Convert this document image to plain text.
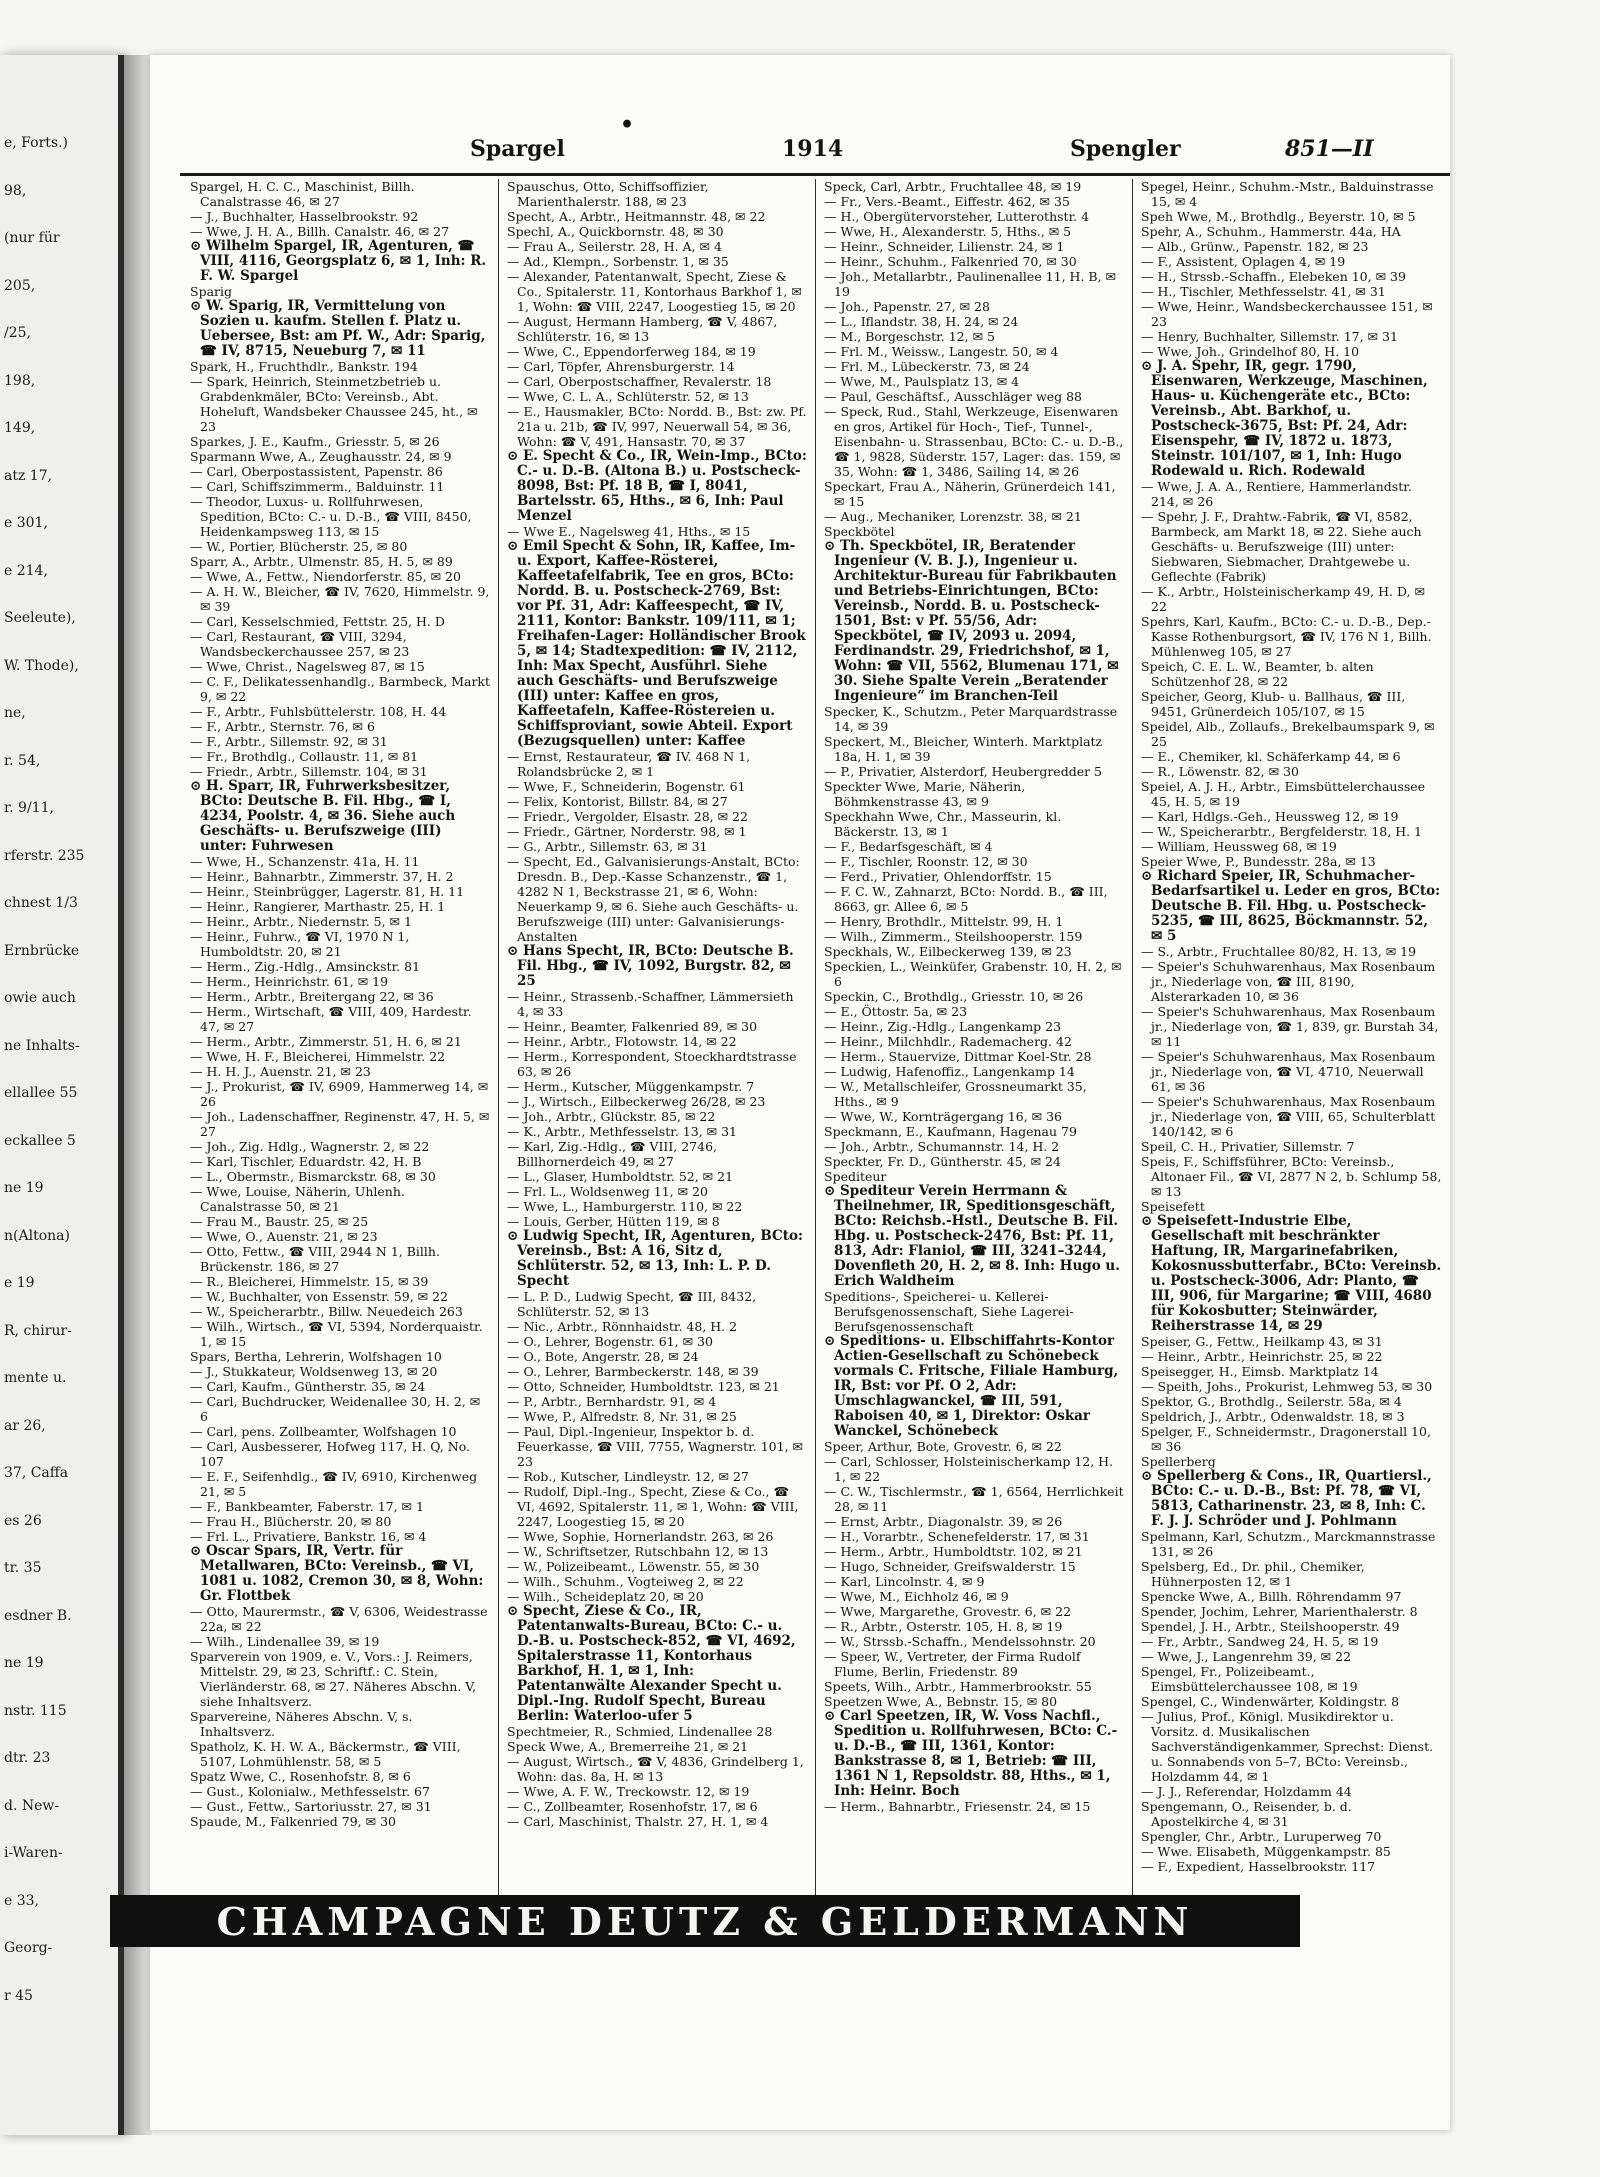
e, Forts.)
98,
(nur für
205,
/25,
198,
149,
atz 17,
e 301,
e 214,
Seeleute),
W. Thode),
ne,
r. 54,
r. 9/11,
rferstr. 235
chnest 1/3
Ernbrücke
owie auch
ne Inhalts-
ellallee 55
eckallee 5
ne 19
n(Altona)
e 19
R, chirur-
mente u.
ar 26,
37, Caffa
es 26
tr. 35
esdner B.
ne 19
nstr. 115
dtr. 23
d. New-
i-Waren-
e 33,
Georg-
r 45
Spargel	1914	Spengler	851—II
•

Spargel, H. C. C., Maschinist, Billh. Canalstrasse 46, ✉ 27

— J., Buchhalter, Hasselbrookstr. 92

— Wwe, J. H. A., Billh. Canalstr. 46, ✉ 27

⊙ Wilhelm Spargel, IR, Agenturen, ☎ VIII, 4116, Georgsplatz 6, ✉ 1, Inh: R. F. W. Spargel

Sparig

⊙ W. Sparig, IR, Vermittelung von Sozien u. kaufm. Stellen f. Platz u. Uebersee, Bst: am Pf. W., Adr: Sparig, ☎ IV, 8715, Neueburg 7, ✉ 11

Spark, H., Fruchthdlr., Bankstr. 194

— Spark, Heinrich, Steinmetzbetrieb u. Grabdenkmäler, BCto: Vereinsb., Abt. Hoheluft, Wandsbeker Chaussee 245, ht., ✉ 23

Sparkes, J. E., Kaufm., Griesstr. 5, ✉ 26

Sparmann Wwe, A., Zeughausstr. 24, ✉ 9

— Carl, Oberpostassistent, Papenstr. 86

— Carl, Schiffszimmerm., Balduinstr. 11

— Theodor, Luxus- u. Rollfuhrwesen, Spedition, BCto: C.- u. D.-B., ☎ VIII, 8450, Heidenkampsweg 113, ✉ 15

— W., Portier, Blücherstr. 25, ✉ 80

Sparr, A., Arbtr., Ulmenstr. 85, H. 5, ✉ 89

— Wwe, A., Fettw., Niendorferstr. 85, ✉ 20

— A. H. W., Bleicher, ☎ IV, 7620, Himmelstr. 9, ✉ 39

— Carl, Kesselschmied, Fettstr. 25, H. D

— Carl, Restaurant, ☎ VIII, 3294, Wandsbeckerchaussee 257, ✉ 23

— Wwe, Christ., Nagelsweg 87, ✉ 15

— C. F., Delikatessenhandlg., Barmbeck, Markt 9, ✉ 22

— F., Arbtr., Fuhlsbüttelerstr. 108, H. 44

— F., Arbtr., Sternstr. 76, ✉ 6

— F., Arbtr., Sillemstr. 92, ✉ 31

— Fr., Brothdlg., Collaustr. 11, ✉ 81

— Friedr., Arbtr., Sillemstr. 104, ✉ 31

⊙ H. Sparr, IR, Fuhrwerksbesitzer, BCto: Deutsche B. Fil. Hbg., ☎ I, 4234, Poolstr. 4, ✉ 36. Siehe auch Geschäfts- u. Berufszweige (III) unter: Fuhrwesen

— Wwe, H., Schanzenstr. 41a, H. 11

— Heinr., Bahnarbtr., Zimmerstr. 37, H. 2

— Heinr., Steinbrügger, Lagerstr. 81, H. 11

— Heinr., Rangierer, Marthastr. 25, H. 1

— Heinr., Arbtr., Niedernstr. 5, ✉ 1

— Heinr., Fuhrw., ☎ VI, 1970 N 1, Humboldtstr. 20, ✉ 21

— Herm., Zig.-Hdlg., Amsinckstr. 81

— Herm., Heinrichstr. 61, ✉ 19

— Herm., Arbtr., Breitergang 22, ✉ 36

— Herm., Wirtschaft, ☎ VIII, 409, Hardestr. 47, ✉ 27

— Herm., Arbtr., Zimmerstr. 51, H. 6, ✉ 21

— Wwe, H. F., Bleicherei, Himmelstr. 22

— H. H. J., Auenstr. 21, ✉ 23

— J., Prokurist, ☎ IV, 6909, Hammerweg 14, ✉ 26

— Joh., Ladenschaffner, Reginenstr. 47, H. 5, ✉ 27

— Joh., Zig. Hdlg., Wagnerstr. 2, ✉ 22

— Karl, Tischler, Eduardstr. 42, H. B

— L., Obermstr., Bismarckstr. 68, ✉ 30

— Wwe, Louise, Näherin, Uhlenh. Canalstrasse 50, ✉ 21

— Frau M., Baustr. 25, ✉ 25

— Wwe, O., Auenstr. 21, ✉ 23

— Otto, Fettw., ☎ VIII, 2944 N 1, Billh. Brückenstr. 186, ✉ 27

— R., Bleicherei, Himmelstr. 15, ✉ 39

— W., Buchhalter, von Essenstr. 59, ✉ 22

— W., Speicherarbtr., Billw. Neuedeich 263

— Wilh., Wirtsch., ☎ VI, 5394, Norderquaistr. 1, ✉ 15

Spars, Bertha, Lehrerin, Wolfshagen 10

— J., Stukkateur, Woldsenweg 13, ✉ 20

— Carl, Kaufm., Güntherstr. 35, ✉ 24

— Carl, Buchdrucker, Weidenallee 30, H. 2, ✉ 6

— Carl, pens. Zollbeamter, Wolfshagen 10

— Carl, Ausbesserer, Hofweg 117, H. Q, No. 107

— E. F., Seifenhdlg., ☎ IV, 6910, Kirchenweg 21, ✉ 5

— F., Bankbeamter, Faberstr. 17, ✉ 1

— Frau H., Blücherstr. 20, ✉ 80

— Frl. L., Privatiere, Bankstr. 16, ✉ 4

⊙ Oscar Spars, IR, Vertr. für Metallwaren, BCto: Vereinsb., ☎ VI, 1081 u. 1082, Cremon 30, ✉ 8, Wohn: Gr. Flottbek

— Otto, Maurermstr., ☎ V, 6306, Weidestrasse 22a, ✉ 22

— Wilh., Lindenallee 39, ✉ 19

Sparverein von 1909, e. V., Vors.: J. Reimers, Mittelstr. 29, ✉ 23, Schriftf.: C. Stein, Vierländerstr. 68, ✉ 27. Näheres Abschn. V, siehe Inhaltsverz.

Sparvereine, Näheres Abschn. V, s. Inhaltsverz.

Spatholz, K. H. W. A., Bäckermstr., ☎ VIII, 5107, Lohmühlenstr. 58, ✉ 5

Spatz Wwe, C., Rosenhofstr. 8, ✉ 6

— Gust., Kolonialw., Methfesselstr. 67

— Gust., Fettw., Sartoriusstr. 27, ✉ 31

Spaude, M., Falkenried 79, ✉ 30

Spauschus, Otto, Schiffsoffizier, Marienthalerstr. 188, ✉ 23

Specht, A., Arbtr., Heitmannstr. 48, ✉ 22

Spechl, A., Quickbornstr. 48, ✉ 30

— Frau A., Seilerstr. 28, H. A, ✉ 4

— Ad., Klempn., Sorbenstr. 1, ✉ 35

— Alexander, Patentanwalt, Specht, Ziese & Co., Spitalerstr. 11, Kontorhaus Barkhof 1, ✉ 1, Wohn: ☎ VIII, 2247, Loogestieg 15, ✉ 20

— August, Hermann Hamberg, ☎ V, 4867, Schlüterstr. 16, ✉ 13

— Wwe, C., Eppendorferweg 184, ✉ 19

— Carl, Töpfer, Ahrensburgerstr. 14

— Carl, Oberpostschaffner, Revalerstr. 18

— Wwe, C. L. A., Schlüterstr. 52, ✉ 13

— E., Hausmakler, BCto: Nordd. B., Bst: zw. Pf. 21a u. 21b, ☎ IV, 997, Neuerwall 54, ✉ 36, Wohn: ☎ V, 491, Hansastr. 70, ✉ 37

⊙ E. Specht & Co., IR, Wein-Imp., BCto: C.- u. D.-B. (Altona B.) u. Postscheck-8098, Bst: Pf. 18 B, ☎ I, 8041, Bartelsstr. 65, Hths., ✉ 6, Inh: Paul Menzel

— Wwe E., Nagelsweg 41, Hths., ✉ 15

⊙ Emil Specht & Sohn, IR, Kaffee, Im- u. Export, Kaffee-Rösterei, Kaffeetafelfabrik, Tee en gros, BCto: Nordd. B. u. Postscheck-2769, Bst: vor Pf. 31, Adr: Kaffeespecht, ☎ IV, 2111, Kontor: Bankstr. 109/111, ✉ 1; Freihafen-Lager: Holländischer Brook 5, ✉ 14; Stadtexpedition: ☎ IV, 2112, Inh: Max Specht, Ausführl. Siehe auch Geschäfts- und Berufszweige (III) unter: Kaffee en gros, Kaffeetafeln, Kaffee-Röstereien u. Schiffsproviant, sowie Abteil. Export (Bezugsquellen) unter: Kaffee

— Ernst, Restaurateur, ☎ IV. 468 N 1, Rolandsbrücke 2, ✉ 1

— Wwe, F., Schneiderin, Bogenstr. 61

— Felix, Kontorist, Billstr. 84, ✉ 27

— Friedr., Vergolder, Elsastr. 28, ✉ 22

— Friedr., Gärtner, Norderstr. 98, ✉ 1

— G., Arbtr., Sillemstr. 63, ✉ 31

— Specht, Ed., Galvanisierungs-Anstalt, BCto: Dresdn. B., Dep.-Kasse Schanzenstr., ☎ 1, 4282 N 1, Beckstrasse 21, ✉ 6, Wohn: Neuerkamp 9, ✉ 6. Siehe auch Geschäfts- u. Berufszweige (III) unter: Galvanisierungs-Anstalten

⊙ Hans Specht, IR, BCto: Deutsche B. Fil. Hbg., ☎ IV, 1092, Burgstr. 82, ✉ 25

— Heinr., Strassenb.-Schaffner, Lämmersieth 4, ✉ 33

— Heinr., Beamter, Falkenried 89, ✉ 30

— Heinr., Arbtr., Flotowstr. 14, ✉ 22

— Herm., Korrespondent, Stoeckhardtstrasse 63, ✉ 26

— Herm., Kutscher, Müggenkampstr. 7

— J., Wirtsch., Eilbeckerweg 26/28, ✉ 23

— Joh., Arbtr., Glückstr. 85, ✉ 22

— K., Arbtr., Methfesselstr. 13, ✉ 31

— Karl, Zig.-Hdlg., ☎ VIII, 2746, Billhornerdeich 49, ✉ 27

— L., Glaser, Humboldtstr. 52, ✉ 21

— Frl. L., Woldsenweg 11, ✉ 20

— Wwe, L., Hamburgerstr. 110, ✉ 22

— Louis, Gerber, Hütten 119, ✉ 8

⊙ Ludwig Specht, IR, Agenturen, BCto: Vereinsb., Bst: A 16, Sitz d, Schlüterstr. 52, ✉ 13, Inh: L. P. D. Specht

— L. P. D., Ludwig Specht, ☎ III, 8432, Schlüterstr. 52, ✉ 13

— Nic., Arbtr., Rönnhaidstr. 48, H. 2

— O., Lehrer, Bogenstr. 61, ✉ 30

— O., Bote, Angerstr. 28, ✉ 24

— O., Lehrer, Barmbeckerstr. 148, ✉ 39

— Otto, Schneider, Humboldtstr. 123, ✉ 21

— P., Arbtr., Bernhardstr. 91, ✉ 4

— Wwe, P., Alfredstr. 8, Nr. 31, ✉ 25

— Paul, Dipl.-Ingenieur, Inspektor b. d. Feuerkasse, ☎ VIII, 7755, Wagnerstr. 101, ✉ 23

— Rob., Kutscher, Lindleystr. 12, ✉ 27

— Rudolf, Dipl.-Ing., Specht, Ziese & Co., ☎ VI, 4692, Spitalerstr. 11, ✉ 1, Wohn: ☎ VIII, 2247, Loogestieg 15, ✉ 20

— Wwe, Sophie, Hornerlandstr. 263, ✉ 26

— W., Schriftsetzer, Rutschbahn 12, ✉ 13

— W., Polizeibeamt., Löwenstr. 55, ✉ 30

— Wilh., Schuhm., Vogteiweg 2, ✉ 22

— Wilh., Scheideplatz 20, ✉ 20

⊙ Specht, Ziese & Co., IR, Patentanwalts-Bureau, BCto: C.- u. D.-B. u. Postscheck-852, ☎ VI, 4692, Spitalerstrasse 11, Kontorhaus Barkhof, H. 1, ✉ 1, Inh: Patentanwälte Alexander Specht u. Dipl.-Ing. Rudolf Specht, Bureau Berlin: Waterloo-ufer 5

Spechtmeier, R., Schmied, Lindenallee 28

Speck Wwe, A., Bremerreihe 21, ✉ 21

— August, Wirtsch., ☎ V, 4836, Grindelberg 1, Wohn: das. 8a, H. ✉ 13

— Wwe, A. F. W., Treckowstr. 12, ✉ 19

— C., Zollbeamter, Rosenhofstr. 17, ✉ 6

— Carl, Maschinist, Thalstr. 27, H. 1, ✉ 4

Speck, Carl, Arbtr., Fruchtallee 48, ✉ 19

— Fr., Vers.-Beamt., Eiffestr. 462, ✉ 35

— H., Obergütervorsteher, Lutterothstr. 4

— Wwe, H., Alexanderstr. 5, Hths., ✉ 5

— Heinr., Schneider, Lilienstr. 24, ✉ 1

— Heinr., Schuhm., Falkenried 70, ✉ 30

— Joh., Metallarbtr., Paulinenallee 11, H. B, ✉ 19

— Joh., Papenstr. 27, ✉ 28

— L., Iflandstr. 38, H. 24, ✉ 24

— M., Borgeschstr. 12, ✉ 5

— Frl. M., Weissw., Langestr. 50, ✉ 4

— Frl. M., Lübeckerstr. 73, ✉ 24

— Wwe, M., Paulsplatz 13, ✉ 4

— Paul, Geschäftsf., Ausschläger weg 88

— Speck, Rud., Stahl, Werkzeuge, Eisenwaren en gros, Artikel für Hoch-, Tief-, Tunnel-, Eisenbahn- u. Strassenbau, BCto: C.- u. D.-B., ☎ 1, 9828, Süderstr. 157, Lager: das. 159, ✉ 35, Wohn: ☎ 1, 3486, Sailing 14, ✉ 26

Speckart, Frau A., Näherin, Grünerdeich 141, ✉ 15

— Aug., Mechaniker, Lorenzstr. 38, ✉ 21

Speckbötel

⊙ Th. Speckbötel, IR, Beratender Ingenieur (V. B. J.), Ingenieur u. Architektur-Bureau für Fabrikbauten und Betriebs-Einrichtungen, BCto: Vereinsb., Nordd. B. u. Postscheck-1501, Bst: v Pf. 55/56, Adr: Speckbötel, ☎ IV, 2093 u. 2094, Ferdinandstr. 29, Friedrichshof, ✉ 1, Wohn: ☎ VII, 5562, Blumenau 171, ✉ 30. Siehe Spalte Verein „Beratender Ingenieure“ im Branchen-Teil

Specker, K., Schutzm., Peter Marquardstrasse 14, ✉ 39

Speckert, M., Bleicher, Winterh. Marktplatz 18a, H. 1, ✉ 39

— P., Privatier, Alsterdorf, Heubergredder 5

Speckter Wwe, Marie, Näherin, Böhmkenstrasse 43, ✉ 9

Speckhahn Wwe, Chr., Masseurin, kl. Bäckerstr. 13, ✉ 1

— F., Bedarfsgeschäft, ✉ 4

— F., Tischler, Roonstr. 12, ✉ 30

— Ferd., Privatier, Ohlendorffstr. 15

— F. C. W., Zahnarzt, BCto: Nordd. B., ☎ III, 8663, gr. Allee 6, ✉ 5

— Henry, Brothdlr., Mittelstr. 99, H. 1

— Wilh., Zimmerm., Steilshooperstr. 159

Speckhals, W., Eilbeckerweg 139, ✉ 23

Speckien, L., Weinküfer, Grabenstr. 10, H. 2, ✉ 6

Speckin, C., Brothdlg., Griesstr. 10, ✉ 26

— E., Öttostr. 5a, ✉ 23

— Heinr., Zig.-Hdlg., Langenkamp 23

— Heinr., Milchhdlr., Rademacherg. 42

— Herm., Stauervize, Dittmar Koel-Str. 28

— Ludwig, Hafenoffiz., Langenkamp 14

— W., Metallschleifer, Grossneumarkt 35, Hths., ✉ 9

— Wwe, W., Kornträgergang 16, ✉ 36

Speckmann, E., Kaufmann, Hagenau 79

— Joh., Arbtr., Schumannstr. 14, H. 2

Speckter, Fr. D., Güntherstr. 45, ✉ 24

Spediteur

⊙ Spediteur Verein Herrmann & Theilnehmer, IR, Speditionsgeschäft, BCto: Reichsb.-Hstl., Deutsche B. Fil. Hbg. u. Postscheck-2476, Bst: Pf. 11, 813, Adr: Flaniol, ☎ III, 3241–3244, Dovenfleth 20, H. 2, ✉ 8. Inh: Hugo u. Erich Waldheim

Speditions-, Speicherei- u. Kellerei-Berufsgenossenschaft, Siehe Lagerei-Berufsgenossenschaft

⊙ Speditions- u. Elbschiffahrts-Kontor Actien-Gesellschaft zu Schönebeck vormals C. Fritsche, Filiale Hamburg, IR, Bst: vor Pf. O 2, Adr: Umschlagwanckel, ☎ III, 591, Raboisen 40, ✉ 1, Direktor: Oskar Wanckel, Schönebeck

Speer, Arthur, Bote, Grovestr. 6, ✉ 22

— Carl, Schlosser, Holsteinischerkamp 12, H. 1, ✉ 22

— C. W., Tischlermstr., ☎ 1, 6564, Herrlichkeit 28, ✉ 11

— Ernst, Arbtr., Diagonalstr. 39, ✉ 26

— H., Vorarbtr., Schenefelderstr. 17, ✉ 31

— Herm., Arbtr., Humboldtstr. 102, ✉ 21

— Hugo, Schneider, Greifswalderstr. 15

— Karl, Lincolnstr. 4, ✉ 9

— Wwe, M., Eichholz 46, ✉ 9

— Wwe, Margarethe, Grovestr. 6, ✉ 22

— R., Arbtr., Osterstr. 105, H. 8, ✉ 19

— W., Strssb.-Schaffn., Mendelssohnstr. 20

— Speer, W., Vertreter, der Firma Rudolf Flume, Berlin, Friedenstr. 89

Speets, Wilh., Arbtr., Hammerbrookstr. 55

Speetzen Wwe, A., Bebnstr. 15, ✉ 80

⊙ Carl Speetzen, IR, W. Voss Nachfl., Spedition u. Rollfuhrwesen, BCto: C.- u. D.-B., ☎ III, 1361, Kontor: Bankstrasse 8, ✉ 1, Betrieb: ☎ III, 1361 N 1, Repsoldstr. 88, Hths., ✉ 1, Inh: Heinr. Boch

— Herm., Bahnarbtr., Friesenstr. 24, ✉ 15

Spegel, Heinr., Schuhm.-Mstr., Balduinstrasse 15, ✉ 4

Speh Wwe, M., Brothdlg., Beyerstr. 10, ✉ 5

Spehr, A., Schuhm., Hammerstr. 44a, HA

— Alb., Grünw., Papenstr. 182, ✉ 23

— F., Assistent, Oplagen 4, ✉ 19

— H., Strssb.-Schaffn., Elebeken 10, ✉ 39

— H., Tischler, Methfesselstr. 41, ✉ 31

— Wwe, Heinr., Wandsbeckerchaussee 151, ✉ 23

— Henry, Buchhalter, Sillemstr. 17, ✉ 31

— Wwe, Joh., Grindelhof 80, H. 10

⊙ J. A. Spehr, IR, gegr. 1790, Eisenwaren, Werkzeuge, Maschinen, Haus- u. Küchengeräte etc., BCto: Vereinsb., Abt. Barkhof, u. Postscheck-3675, Bst: Pf. 24, Adr: Eisenspehr, ☎ IV, 1872 u. 1873, Steinstr. 101/107, ✉ 1, Inh: Hugo Rodewald u. Rich. Rodewald

— Wwe, J. A. A., Rentiere, Hammerlandstr. 214, ✉ 26

— Spehr, J. F., Drahtw.-Fabrik, ☎ VI, 8582, Barmbeck, am Markt 18, ✉ 22. Siehe auch Geschäfts- u. Berufszweige (III) unter: Siebwaren, Siebmacher, Drahtgewebe u. Geflechte (Fabrik)

— K., Arbtr., Holsteinischerkamp 49, H. D, ✉ 22

Spehrs, Karl, Kaufm., BCto: C.- u. D.-B., Dep.-Kasse Rothenburgsort, ☎ IV, 176 N 1, Billh. Mühlenweg 105, ✉ 27

Speich, C. E. L. W., Beamter, b. alten Schützenhof 28, ✉ 22

Speicher, Georg, Klub- u. Ballhaus, ☎ III, 9451, Grünerdeich 105/107, ✉ 15

Speidel, Alb., Zollaufs., Brekelbaumspark 9, ✉ 25

— E., Chemiker, kl. Schäferkamp 44, ✉ 6

— R., Löwenstr. 82, ✉ 30

Speiel, A. J. H., Arbtr., Eimsbüttelerchaussee 45, H. 5, ✉ 19

— Karl, Hdlgs.-Geh., Heussweg 12, ✉ 19

— W., Speicherarbtr., Bergfelderstr. 18, H. 1

— William, Heussweg 68, ✉ 19

Speier Wwe, P., Bundesstr. 28a, ✉ 13

⊙ Richard Speier, IR, Schuhmacher-Bedarfsartikel u. Leder en gros, BCto: Deutsche B. Fil. Hbg. u. Postscheck-5235, ☎ III, 8625, Böckmannstr. 52, ✉ 5

— S., Arbtr., Fruchtallee 80/82, H. 13, ✉ 19

— Speier's Schuhwarenhaus, Max Rosenbaum jr., Niederlage von, ☎ III, 8190, Alsterarkaden 10, ✉ 36

— Speier's Schuhwarenhaus, Max Rosenbaum jr., Niederlage von, ☎ 1, 839, gr. Burstah 34, ✉ 11

— Speier's Schuhwarenhaus, Max Rosenbaum jr., Niederlage von, ☎ VI, 4710, Neuerwall 61, ✉ 36

— Speier's Schuhwarenhaus, Max Rosenbaum jr., Niederlage von, ☎ VIII, 65, Schulterblatt 140/142, ✉ 6

Speil, C. H., Privatier, Sillemstr. 7

Speis, F., Schiffsführer, BCto: Vereinsb., Altonaer Fil., ☎ VI, 2877 N 2, b. Schlump 58, ✉ 13

Speisefett

⊙ Speisefett-Industrie Elbe, Gesellschaft mit beschränkter Haftung, IR, Margarinefabriken, Kokosnussbutterfabr., BCto: Vereinsb. u. Postscheck-3006, Adr: Planto, ☎ III, 906, für Margarine; ☎ VIII, 4680 für Kokosbutter; Steinwärder, Reiherstrasse 14, ✉ 29

Speiser, G., Fettw., Heilkamp 43, ✉ 31

— Heinr., Arbtr., Heinrichstr. 25, ✉ 22

Speisegger, H., Eimsb. Marktplatz 14

— Speith, Johs., Prokurist, Lehmweg 53, ✉ 30

Spektor, G., Brothdlg., Seilerstr. 58a, ✉ 4

Speldrich, J., Arbtr., Odenwaldstr. 18, ✉ 3

Spelger, F., Schneidermstr., Dragonerstall 10, ✉ 36

Spellerberg

⊙ Spellerberg & Cons., IR, Quartiersl., BCto: C.- u. D.-B., Bst: Pf. 78, ☎ VI, 5813, Catharinenstr. 23, ✉ 8, Inh: C. F. J. J. Schröder und J. Pohlmann

Spelmann, Karl, Schutzm., Marckmannstrasse 131, ✉ 26

Spelsberg, Ed., Dr. phil., Chemiker, Hühnerposten 12, ✉ 1

Spencke Wwe, A., Billh. Röhrendamm 97

Spender, Jochim, Lehrer, Marienthalerstr. 8

Spendel, J. H., Arbtr., Steilshooperstr. 49

— Fr., Arbtr., Sandweg 24, H. 5, ✉ 19

— Wwe, J., Langenrehm 39, ✉ 22

Spengel, Fr., Polizeibeamt., Eimsbüttelerchaussee 108, ✉ 19

Spengel, C., Windenwärter, Koldingstr. 8

— Julius, Prof., Königl. Musikdirektor u. Vorsitz. d. Musikalischen Sachverständigenkammer, Sprechst: Dienst. u. Sonnabends von 5–7, BCto: Vereinsb., Holzdamm 44, ✉ 1

— J. J., Referendar, Holzdamm 44

Spengemann, O., Reisender, b. d. Apostelkirche 4, ✉ 31

Spengler, Chr., Arbtr., Luruperweg 70

— Wwe. Elisabeth, Müggenkampstr. 85

— F., Expedient, Hasselbrookstr. 117

CHAMPAGNE DEUTZ & GELDERMANN
